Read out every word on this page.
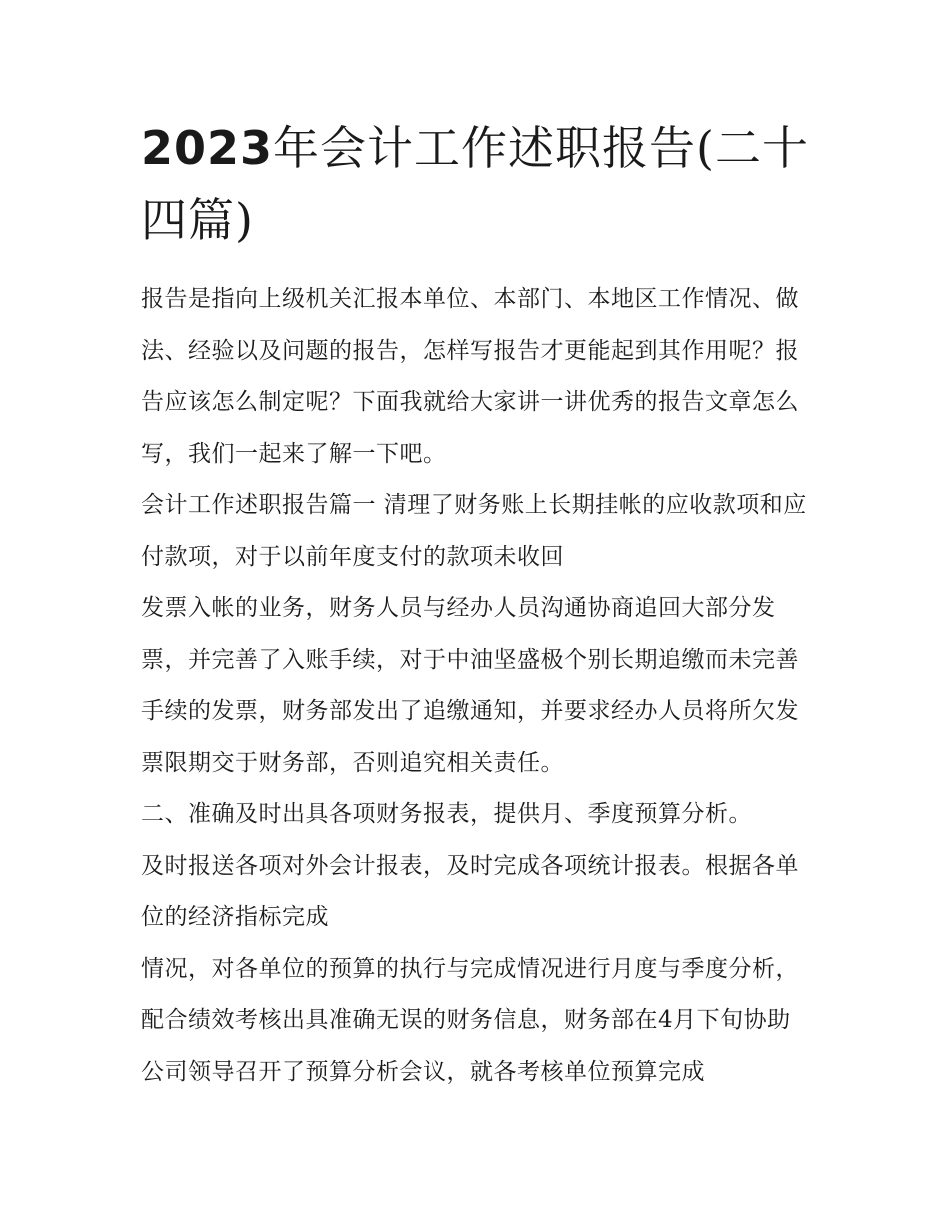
2023年会计工作述职报告(二十四篇)

报告是指向上级机关汇报本单位、本部门、本地区工作情况、做法、经验以及问题的报告，怎样写报告才更能起到其作用呢？报告应该怎么制定呢？下面我就给大家讲一讲优秀的报告文章怎么写，我们一起来了解一下吧。

会计工作述职报告篇一 清理了财务账上长期挂帐的应收款项和应付款项，对于以前年度支付的款项未收回

发票入帐的业务，财务人员与经办人员沟通协商追回大部分发票，并完善了入账手续，对于中油坚盛极个别长期追缴而未完善手续的发票，财务部发出了追缴通知，并要求经办人员将所欠发票限期交于财务部，否则追究相关责任。

二、准确及时出具各项财务报表，提供月、季度预算分析。

及时报送各项对外会计报表，及时完成各项统计报表。根据各单位的经济指标完成

情况，对各单位的预算的执行与完成情况进行月度与季度分析，配合绩效考核出具准确无误的财务信息，财务部在4月下旬协助公司领导召开了预算分析会议，就各考核单位预算完成
